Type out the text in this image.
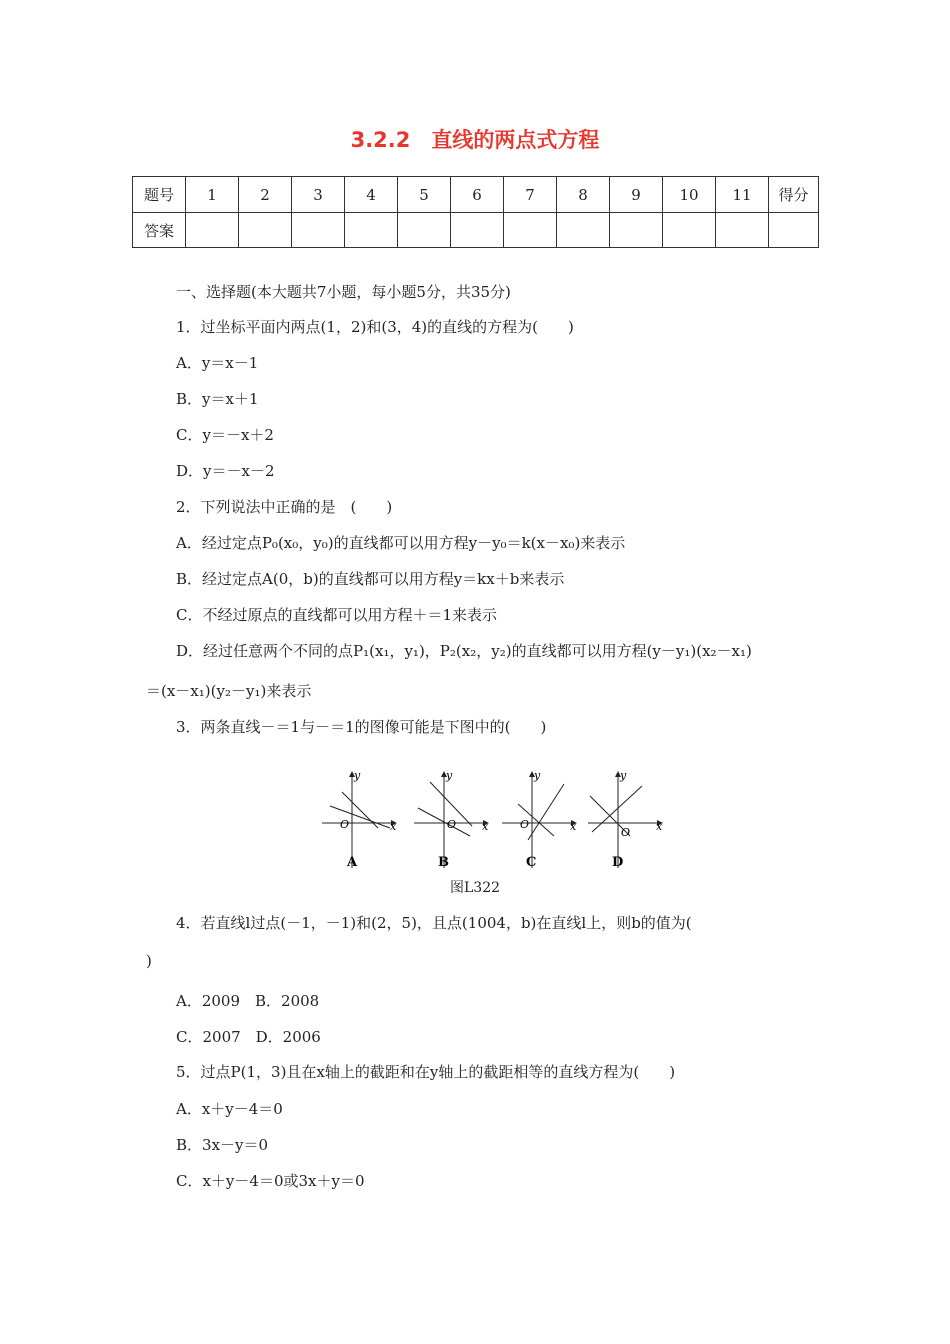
3.2.2　直线的两点式方程
题号	1	2	3	4	5	6	7	8	9	10	11	得分
答案												
一、选择题(本大题共7小题，每小题5分，共35分)
1．过坐标平面内两点(1，2)和(3，4)的直线的方程为(　　)
A．y＝x－1
B．y＝x＋1
C．y＝－x＋2
D．y＝－x－2
2．下列说法中正确的是　(　　)
A．经过定点P₀(x₀，y₀)的直线都可以用方程y－y₀＝k(x－x₀)来表示
B．经过定点A(0，b)的直线都可以用方程y＝kx＋b来表示
C．不经过原点的直线都可以用方程＋＝1来表示
D．经过任意两个不同的点P₁(x₁，y₁)，P₂(x₂，y₂)的直线都可以用方程(y－y₁)(x₂－x₁)
＝(x－x₁)(y₂－y₁)来表示
3．两条直线－＝1与－＝1的图像可能是下图中的(　　)
y
x
O
A
y
x
O
B
y
x
O
C
y
x
O
D
图L322
4．若直线l过点(－1，－1)和(2，5)，且点(1004，b)在直线l上，则b的值为(
)
A．2009　B．2008
C．2007　D．2006
5．过点P(1，3)且在x轴上的截距和在y轴上的截距相等的直线方程为(　　)
A．x＋y－4＝0
B．3x－y＝0
C．x＋y－4＝0或3x＋y＝0
